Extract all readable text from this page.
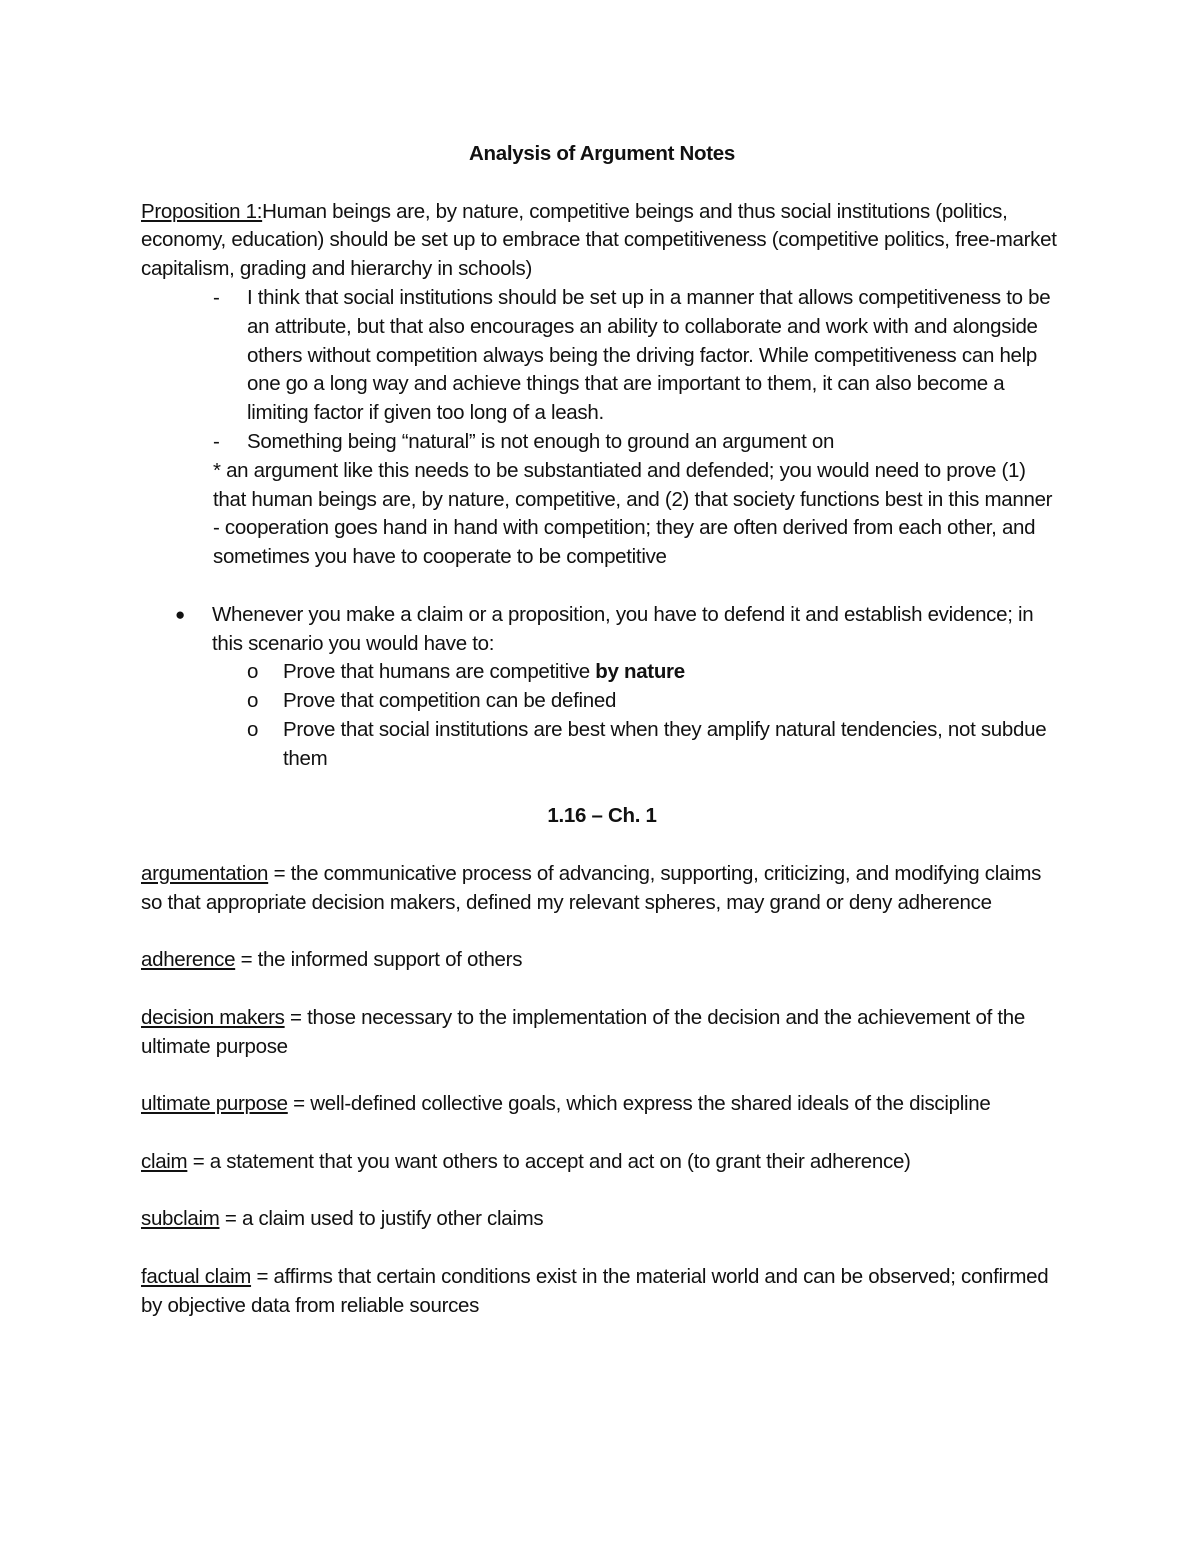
Analysis of Argument Notes

Proposition 1:Human beings are, by nature, competitive beings and thus social institutions (politics, economy, education) should be set up to embrace that competitiveness (competitive politics, free-market capitalism, grading and hierarchy in schools)

- I think that social institutions should be set up in a manner that allows competitiveness to be an attribute, but that also encourages an ability to collaborate and work with and alongside others without competition always being the driving factor. While competitiveness can help one go a long way and achieve things that are important to them, it can also become a limiting factor if given too long of a leash.
- Something being “natural” is not enough to ground an argument on

* an argument like this needs to be substantiated and defended; you would need to prove (1) that human beings are, by nature, competitive, and (2) that society functions best in this manner

- cooperation goes hand in hand with competition; they are often derived from each other, and sometimes you have to cooperate to be competitive

● Whenever you make a claim or a proposition, you have to defend it and establish evidence; in this scenario you would have to:
o Prove that humans are competitive by nature
o Prove that competition can be defined
o Prove that social institutions are best when they amplify natural tendencies, not subdue them

1.16 – Ch. 1

argumentation = the communicative process of advancing, supporting, criticizing, and modifying claims so that appropriate decision makers, defined my relevant spheres, may grand or deny adherence

adherence = the informed support of others

decision makers = those necessary to the implementation of the decision and the achievement of the ultimate purpose

ultimate purpose = well-defined collective goals, which express the shared ideals of the discipline

claim = a statement that you want others to accept and act on (to grant their adherence)

subclaim = a claim used to justify other claims

factual claim = affirms that certain conditions exist in the material world and can be observed; confirmed by objective data from reliable sources
